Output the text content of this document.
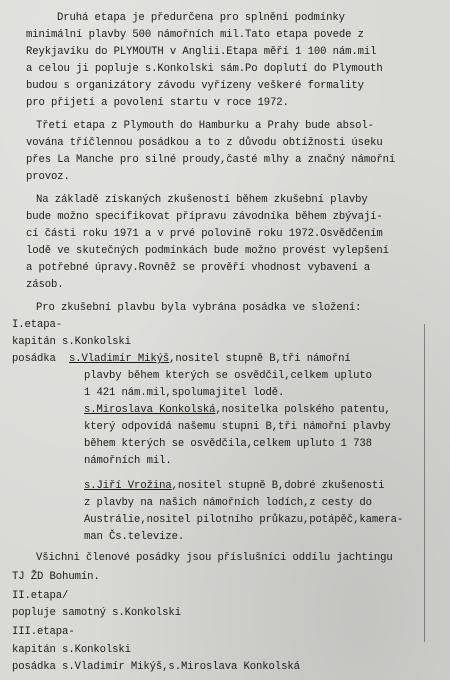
Druhá etapa je předurčena pro splnění podmínky
minimální plavby 500 námořních mil.Tato etapa povede z
Reykjavíku do PLYMOUTH v Anglii.Etapa měří 1 100 nám.mil
a celou ji popluje s.Konkolski sám.Po doplutí do Plymouth
budou s organizátory závodu vyřízeny veškeré formality
pro přijetí a povolení startu v roce 1972.
Třetí etapa z Plymouth do Hamburku a Prahy bude absol-
vována tříčlennou posádkou a to z důvodu obtížnosti úseku
přes La Manche pro silné proudy,časté mlhy a značný námořní
provoz.
Na základě získaných zkušeností během zkušební plavby
bude možno specifikovat přípravu závodníka během zbývají-
cí části roku 1971 a v prvé polovině roku 1972.Osvědčením
lodě ve skutečných podmínkách bude možno provést vylepšení
a potřebné úpravy.Rovněž se prověří vhodnost vybavení a
zásob.
Pro zkušební plavbu byla vybrána posádka ve složení:
I.etapa-
kapitán s.Konkolski
posádka s.Vladimír Mikýš,nositel stupně B,tři námořní
plavby během kterých se osvědčil,celkem upluto
1 421 nám.mil,spolumajitel lodě.
s.Miroslava Konkolská,nositelka polského patentu,
který odpovídá našemu stupni B,tři námořní plavby
během kterých se osvědčila,celkem upluto 1 738
námořních mil.
s.Jiří Vrožina,nositel stupně B,dobré zkušenosti
z plavby na našich námořních lodích,z cesty do
Austrálie,nositel pilotního průkazu,potápěč,kamera-
man Čs.televize.
Všichni členové posádky jsou příslušníci oddílu jachtingu
TJ ŽD Bohumín.
II.etapa/
popluje samotný s.Konkolski
III.etapa-
kapitán s.Konkolski
posádka s.Vladimír Mikýš,s.Miroslava Konkolská
